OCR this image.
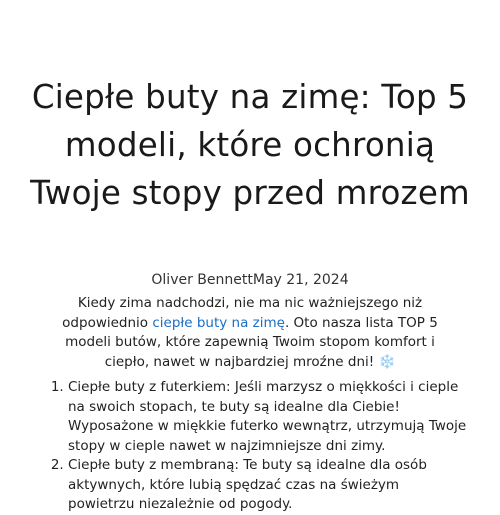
Ciepłe buty na zimę: Top 5 modeli, które ochronią Twoje stopy przed mrozem
Oliver BennettMay 21, 2024

Kiedy zima nadchodzi, nie ma nic ważniejszego niż odpowiednio ciepłe buty na zimę. Oto nasza lista TOP 5 modeli butów, które zapewnią Twoim stopom komfort i ciepło, nawet w najbardziej mroźne dni! ❄️

1. Ciepłe buty z futerkiem: Jeśli marzysz o miękkości i cieple na swoich stopach, te buty są idealne dla Ciebie! Wyposażone w miękkie futerko wewnątrz, utrzymują Twoje stopy w cieple nawet w najzimniejsze dni zimy.
2. Ciepłe buty z membraną: Te buty są idealne dla osób aktywnych, które lubią spędzać czas na świeżym powietrzu niezależnie od pogody.
